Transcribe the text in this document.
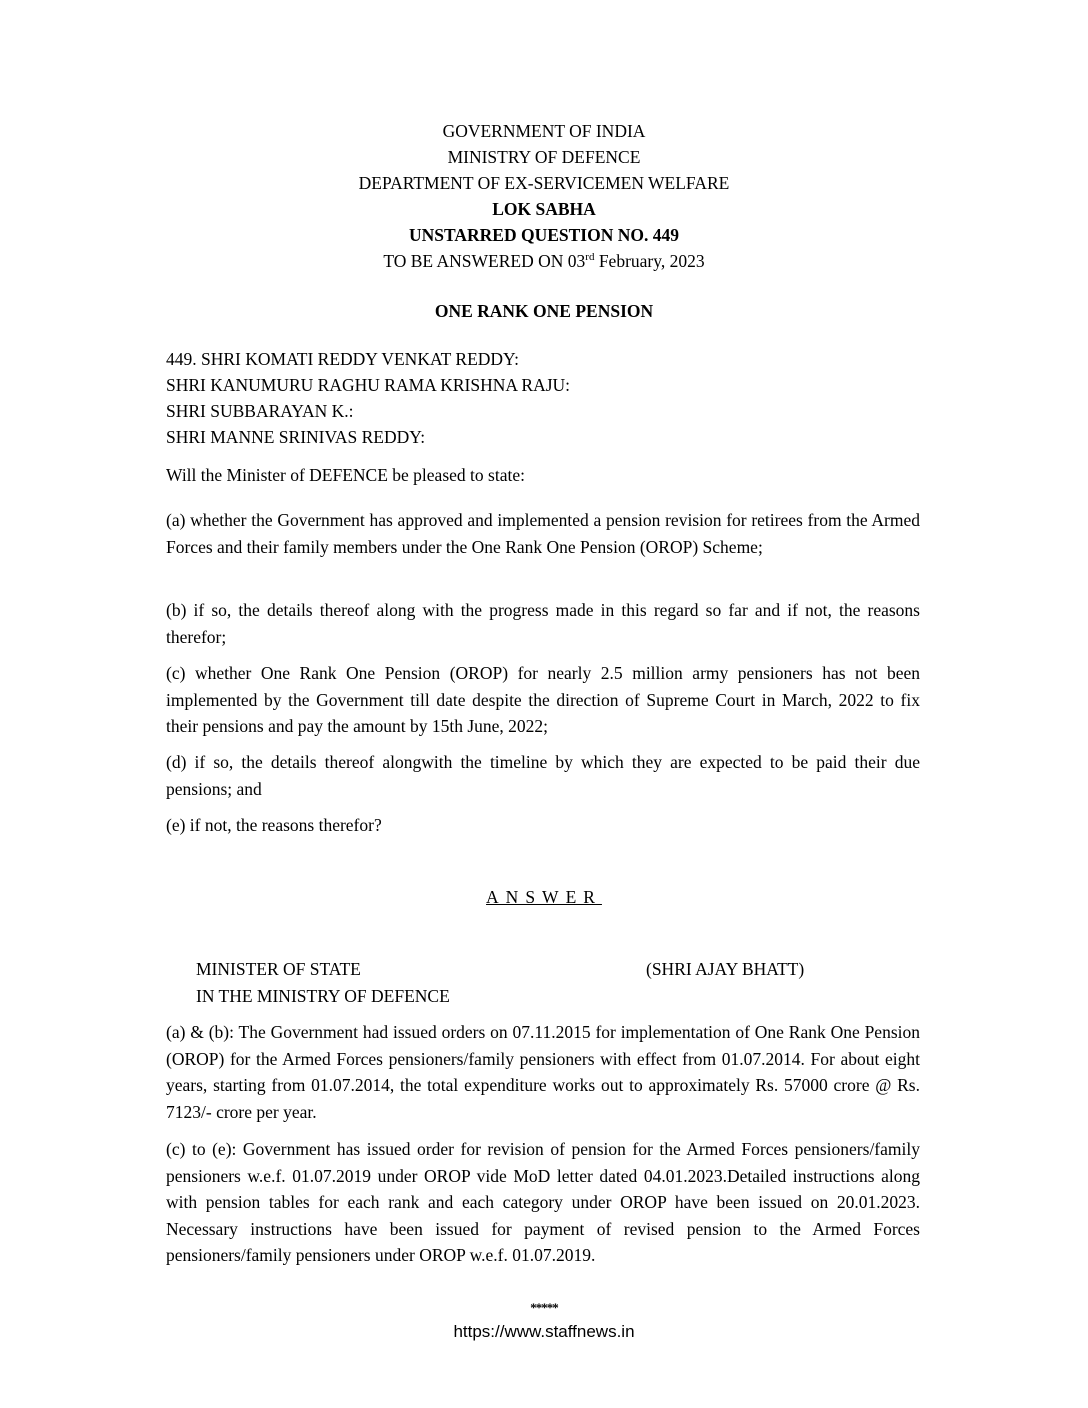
GOVERNMENT OF INDIA
MINISTRY OF DEFENCE
DEPARTMENT OF EX-SERVICEMEN WELFARE
LOK SABHA
UNSTARRED QUESTION NO. 449
TO BE ANSWERED ON 03rd February, 2023
ONE RANK ONE PENSION
449. SHRI KOMATI REDDY VENKAT REDDY:
SHRI KANUMURU RAGHU RAMA KRISHNA RAJU:
SHRI SUBBARAYAN K.:
SHRI MANNE SRINIVAS REDDY:
Will the Minister of DEFENCE be pleased to state:
(a) whether the Government has approved and implemented a pension revision for retirees from the Armed Forces and their family members under the One Rank One Pension (OROP) Scheme;
(b) if so, the details thereof along with the progress made in this regard so far and if not, the reasons therefor;
(c) whether One Rank One Pension (OROP) for nearly 2.5 million army pensioners has not been implemented by the Government till date despite the direction of Supreme Court in March, 2022 to fix their pensions and pay the amount by 15th June, 2022;
(d) if so, the details thereof alongwith the timeline by which they are expected to be paid their due pensions; and
(e) if not, the reasons therefor?
ANSWER
MINISTER OF STATE
IN THE MINISTRY OF DEFENCE
(SHRI AJAY BHATT)
(a) & (b): The Government had issued orders on 07.11.2015 for implementation of One Rank One Pension (OROP) for the Armed Forces pensioners/family pensioners with effect from 01.07.2014. For about eight years, starting from 01.07.2014, the total expenditure works out to approximately Rs. 57000 crore @ Rs. 7123/- crore per year.
(c) to (e): Government has issued order for revision of pension for the Armed Forces pensioners/family pensioners w.e.f. 01.07.2019 under OROP vide MoD letter dated 04.01.2023.Detailed instructions along with pension tables for each rank and each category under OROP have been issued on 20.01.2023. Necessary instructions have been issued for payment of revised pension to the Armed Forces pensioners/family pensioners under OROP w.e.f. 01.07.2019.
*****
https://www.staffnews.in
